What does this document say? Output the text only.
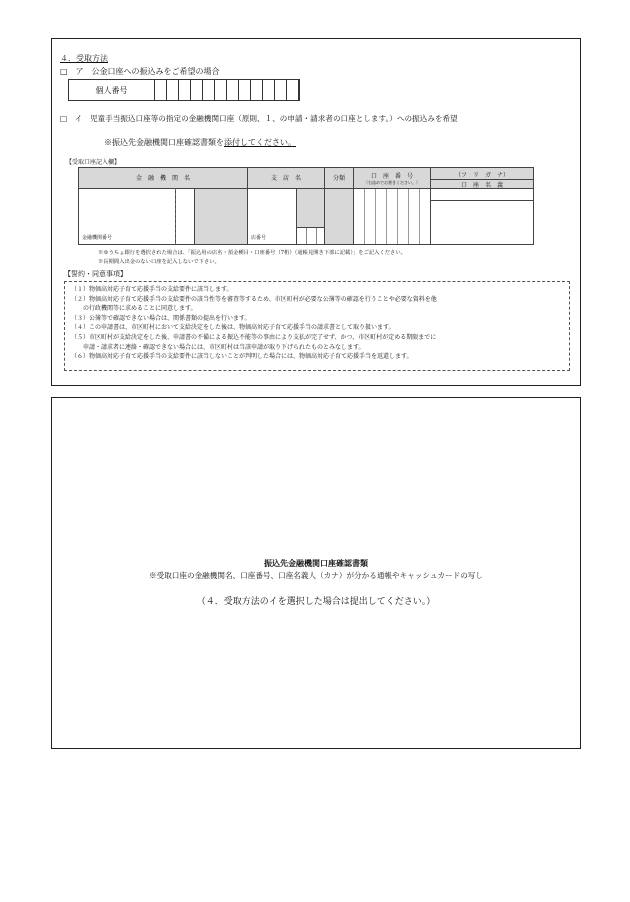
４．受取方法
□　ア　公金口座への振込みをご希望の場合
個人番号
□　イ　児童手当振込口座等の指定の金融機関口座（原則、１、の申請・請求者の口座とします。）への振込みを希望
※振込先金融機関口座確認書類を添付してください。
【受取口座記入欄】
金　融　機　関　名	支　店　名	分類	口　座　番　号
（右詰めでお書きください。）
（フ　リ　ガ　ナ）
口　座　名　義
金融機関番号	店番号
※ゆうちょ銀行を選択された場合は、「振込用の店名・預金種目・口座番号（7桁）（通帳見開き下部に記載）」をご記入ください。
※長期間入出金のない口座を記入しないで下さい。
【誓約・同意事項】
（１）物価高対応子育て応援手当の支給要件に該当します。
（２）物価高対応子育て応援手当の支給要件の該当性等を審査等するため、市区町村が必要な公簿等の確認を行うことや必要な資料を他
　　の行政機関等に求めることに同意します。
（３）公簿等で確認できない場合は、関係書類の提出を行います。
（４）この申請書は、市区町村において支給決定をした後は、物価高対応子育て応援手当の請求書として取り扱います。
（５）市区町村が支給決定をした後、申請書の不備による振込不能等の事由により支払が完了せず、かつ、市区町村が定める期限までに
　　申請・請求者に連絡・確認できない場合には、市区町村は当該申請が取り下げられたものとみなします。
（６）物価高対応子育て応援手当の支給要件に該当しないことが判明した場合には、物価高対応子育て応援手当を返還します。
振込先金融機関口座確認書類
※受取口座の金融機関名、口座番号、口座名義人（カナ）が分かる通帳やキャッシュカードの写し
（４．受取方法のイを選択した場合は提出してください。）
